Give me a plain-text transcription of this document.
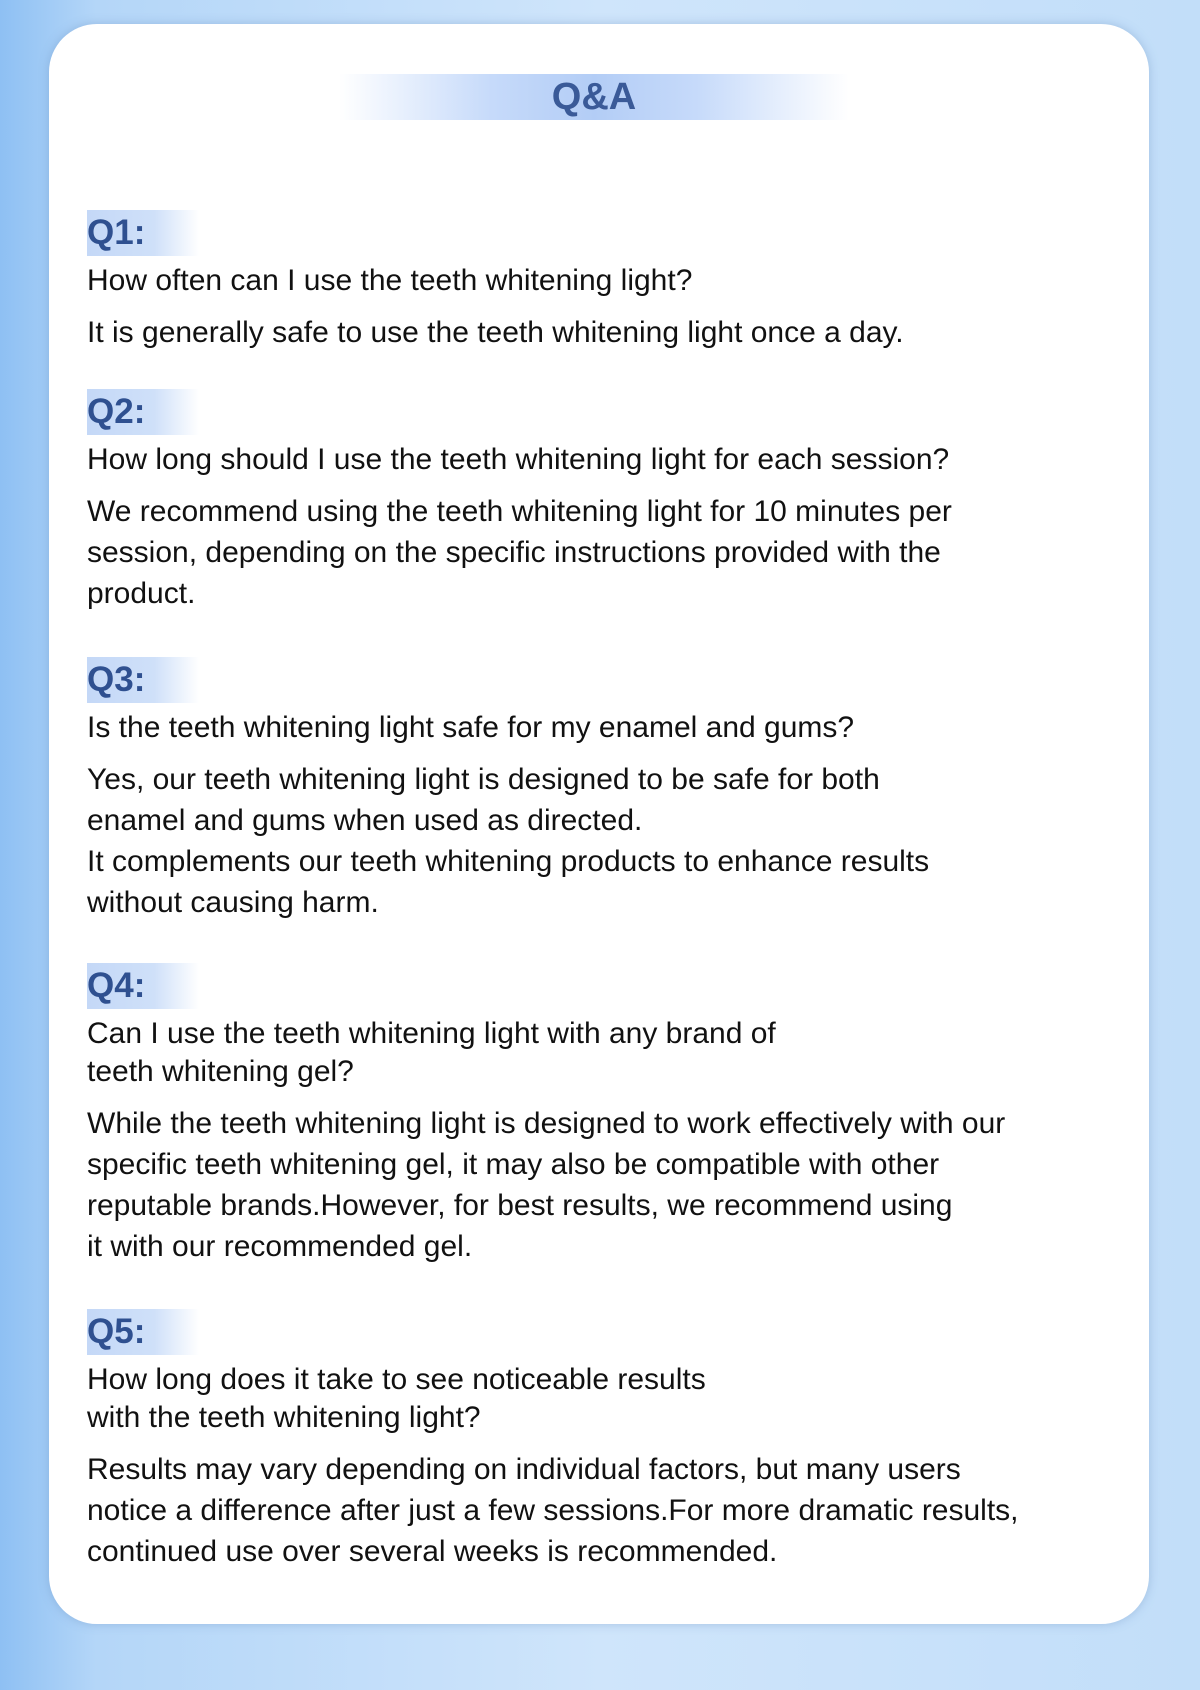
Q&A
Q1:
How often can I use the teeth whitening light?
It is generally safe to use the teeth whitening light once a day.
Q2:
How long should I use the teeth whitening light for each session?
We recommend using the teeth whitening light for 10 minutes per
session, depending on the specific instructions provided with the
product.
Q3:
Is the teeth whitening light safe for my enamel and gums?
Yes, our teeth whitening light is designed to be safe for both
enamel and gums when used as directed.
It complements our teeth whitening products to enhance results
without causing harm.
Q4:
Can I use the teeth whitening light with any brand of
teeth whitening gel?
While the teeth whitening light is designed to work effectively with our
specific teeth whitening gel, it may also be compatible with other
reputable brands.However, for best results, we recommend using
it with our recommended gel.
Q5:
How long does it take to see noticeable results
with the teeth whitening light?
Results may vary depending on individual factors, but many users
notice a difference after just a few sessions.For more dramatic results,
continued use over several weeks is recommended.
